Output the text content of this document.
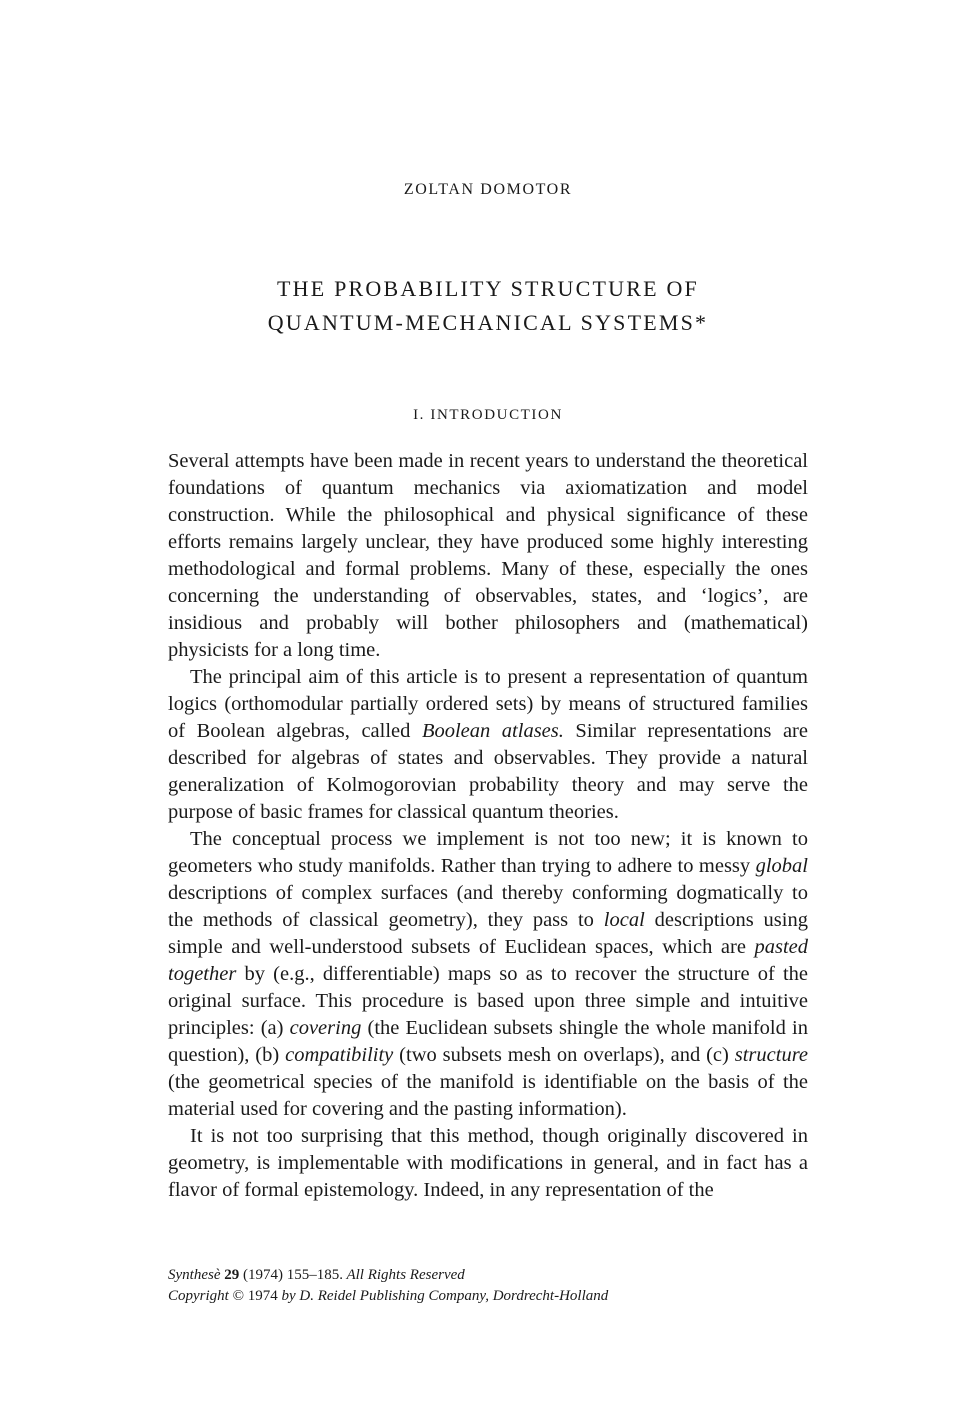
ZOLTAN DOMOTOR
THE PROBABILITY STRUCTURE OF
QUANTUM-MECHANICAL SYSTEMS*
I. INTRODUCTION

Several attempts have been made in recent years to understand the theoretical foundations of quantum mechanics via axiomatization and model construction. While the philosophical and physical significance of these efforts remains largely unclear, they have produced some highly interesting methodological and formal problems. Many of these, especially the ones concerning the understanding of observables, states, and ‘logics’, are insidious and probably will bother philosophers and (mathematical) physicists for a long time.

The principal aim of this article is to present a representation of quantum logics (orthomodular partially ordered sets) by means of structured families of Boolean algebras, called Boolean atlases. Similar representations are described for algebras of states and observables. They provide a natural generalization of Kolmogorovian probability theory and may serve the purpose of basic frames for classical quantum theories.

The conceptual process we implement is not too new; it is known to geometers who study manifolds. Rather than trying to adhere to messy global descriptions of complex surfaces (and thereby conforming dogmatically to the methods of classical geometry), they pass to local descriptions using simple and well-understood subsets of Euclidean spaces, which are pasted together by (e.g., differentiable) maps so as to recover the structure of the original surface. This procedure is based upon three simple and intuitive principles: (a) covering (the Euclidean subsets shingle the whole manifold in question), (b) compatibility (two subsets mesh on overlaps), and (c) structure (the geometrical species of the manifold is identifiable on the basis of the material used for covering and the pasting information).

It is not too surprising that this method, though originally discovered in geometry, is implementable with modifications in general, and in fact has a flavor of formal epistemology. Indeed, in any representation of the

Synthesè 29 (1974) 155–185. All Rights Reserved
Copyright © 1974 by D. Reidel Publishing Company, Dordrecht-Holland
